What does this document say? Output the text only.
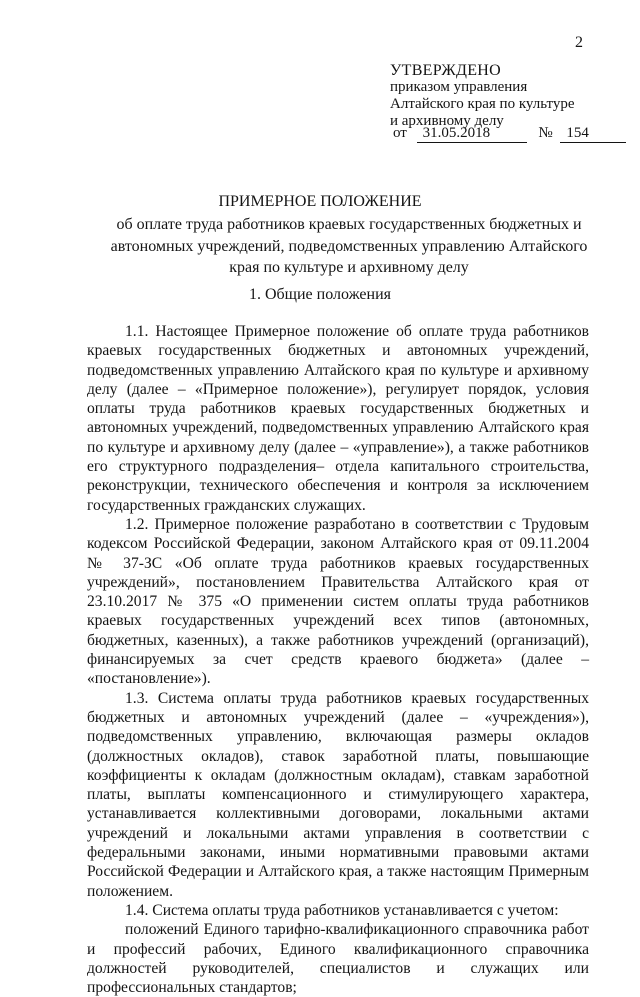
2
УТВЕРЖДЕНО
приказом управления
Алтайского края по культуре
и архивному делу
от 31.05.2018	№ 154
ПРИМЕРНОЕ ПОЛОЖЕНИЕ
об оплате труда работников краевых государственных бюджетных и автономных учреждений, подведомственных управлению Алтайского края по культуре и архивному делу
1. Общие положения

1.1. Настоящее Примерное положение об оплате труда работников краевых государственных бюджетных и автономных учреждений, подведомственных управлению Алтайского края по культуре и архивному делу (далее – «Примерное положение»), регулирует порядок, условия оплаты труда работников краевых государственных бюджетных и автономных учреждений, подведомственных управлению Алтайского края по культуре и архивному делу (далее – «управление»), а также работников его структурного подразделения– отдела капитального строительства, реконструкции, технического обеспечения и контроля за исключением государственных гражданских служащих.

1.2. Примерное положение разработано в соответствии с Трудовым кодексом Российской Федерации, законом Алтайского края от 09.11.2004 № 37-ЗС «Об оплате труда работников краевых государственных учреждений», постановлением Правительства Алтайского края от 23.10.2017 № 375 «О применении систем оплаты труда работников краевых государственных учреждений всех типов (автономных, бюджетных, казенных), а также работников учреждений (организаций), финансируемых за счет средств краевого бюджета» (далее – «постановление»).

1.3. Система оплаты труда работников краевых государственных бюджетных и автономных учреждений (далее – «учреждения»), подведомственных управлению, включающая размеры окладов (должностных окладов), ставок заработной платы, повышающие коэффициенты к окладам (должностным окладам), ставкам заработной платы, выплаты компенсационного и стимулирующего характера, устанавливается коллективными договорами, локальными актами учреждений и локальными актами управления в соответствии с федеральными законами, иными нормативными правовыми актами Российской Федерации и Алтайского края, а также настоящим Примерным положением.

1.4. Система оплаты труда работников устанавливается с учетом:

положений Единого тарифно-квалификационного справочника работ и профессий рабочих, Единого квалификационного справочника должностей руководителей, специалистов и служащих или профессиональных стандартов;
